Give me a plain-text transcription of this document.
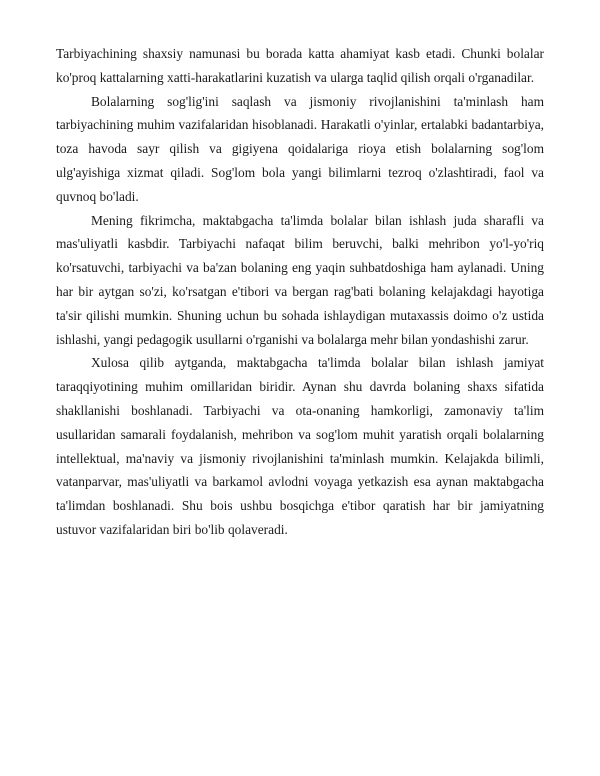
Tarbiyachining shaxsiy namunasi bu borada katta ahamiyat kasb etadi. Chunki bolalar ko'proq kattalarning xatti-harakatlarini kuzatish va ularga taqlid qilish orqali o'rganadilar.

Bolalarning sog'lig'ini saqlash va jismoniy rivojlanishini ta'minlash ham tarbiyachining muhim vazifalaridan hisoblanadi. Harakatli o'yinlar, ertalabki badantarbiya, toza havoda sayr qilish va gigiyena qoidalariga rioya etish bolalarning sog'lom ulg'ayishiga xizmat qiladi. Sog'lom bola yangi bilimlarni tezroq o'zlashtiradi, faol va quvnoq bo'ladi.

Mening fikrimcha, maktabgacha ta'limda bolalar bilan ishlash juda sharafli va mas'uliyatli kasbdir. Tarbiyachi nafaqat bilim beruvchi, balki mehribon yo'l-yo'riq ko'rsatuvchi, tarbiyachi va ba'zan bolaning eng yaqin suhbatdoshiga ham aylanadi. Uning har bir aytgan so'zi, ko'rsatgan e'tibori va bergan rag'bati bolaning kelajakdagi hayotiga ta'sir qilishi mumkin. Shuning uchun bu sohada ishlaydigan mutaxassis doimo o'z ustida ishlashi, yangi pedagogik usullarni o'rganishi va bolalarga mehr bilan yondashishi zarur.

Xulosa qilib aytganda, maktabgacha ta'limda bolalar bilan ishlash jamiyat taraqqiyotining muhim omillaridan biridir. Aynan shu davrda bolaning shaxs sifatida shakllanishi boshlanadi. Tarbiyachi va ota-onaning hamkorligi, zamonaviy ta'lim usullaridan samarali foydalanish, mehribon va sog'lom muhit yaratish orqali bolalarning intellektual, ma'naviy va jismoniy rivojlanishini ta'minlash mumkin. Kelajakda bilimli, vatanparvar, mas'uliyatli va barkamol avlodni voyaga yetkazish esa aynan maktabgacha ta'limdan boshlanadi. Shu bois ushbu bosqichga e'tibor qaratish har bir jamiyatning ustuvor vazifalaridan biri bo'lib qolaveradi.
